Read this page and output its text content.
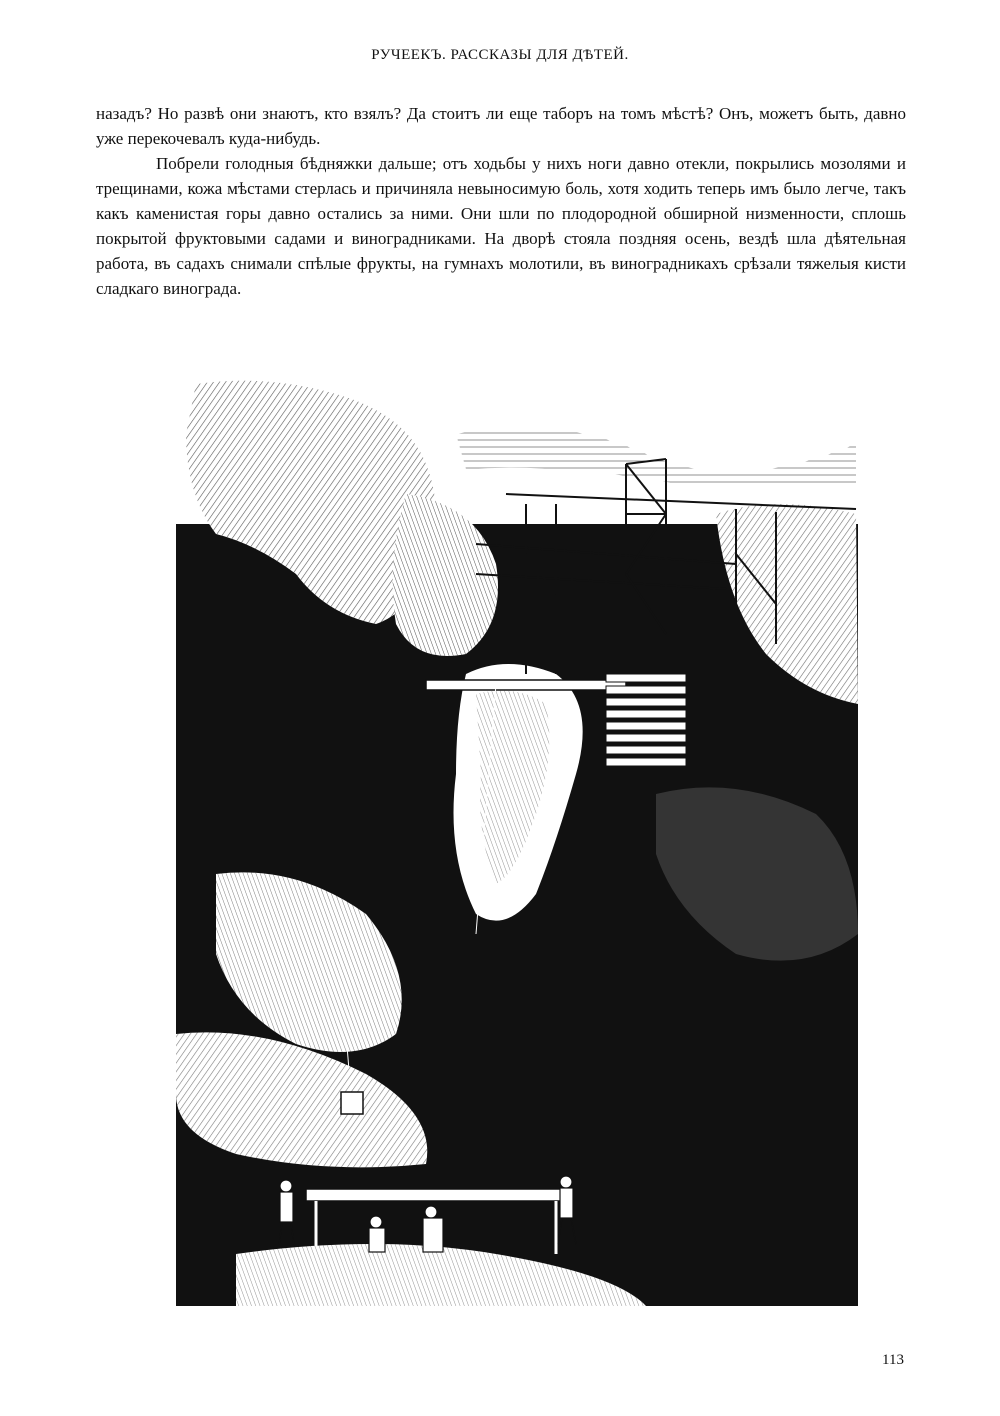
РУЧЕЕКЪ. РАССКАЗЫ ДЛЯ ДѢТЕЙ.

назадъ? Но развѣ они знаютъ, кто взялъ? Да стоитъ ли еще таборъ на томъ мѣстѣ? Онъ, можетъ быть, давно уже перекочевалъ куда-нибудь.

Побрели голодныя бѣдняжки дальше; отъ ходьбы у нихъ ноги давно отекли, покрылись мозолями и трещинами, кожа мѣстами стерлась и причиняла невыносимую боль, хотя ходить теперь имъ было легче, такъ какъ каменистая горы давно остались за ними. Они шли по плодородной обширной низменности, сплошь покрытой фруктовыми садами и виноградниками. На дворѣ стояла поздняя осень, вездѣ шла дѣятельная работа, въ садахъ снимали спѣлые фрукты, на гумнахъ молотили, въ виноградникахъ срѣзали тяжелыя кисти сладкаго винограда.

113
